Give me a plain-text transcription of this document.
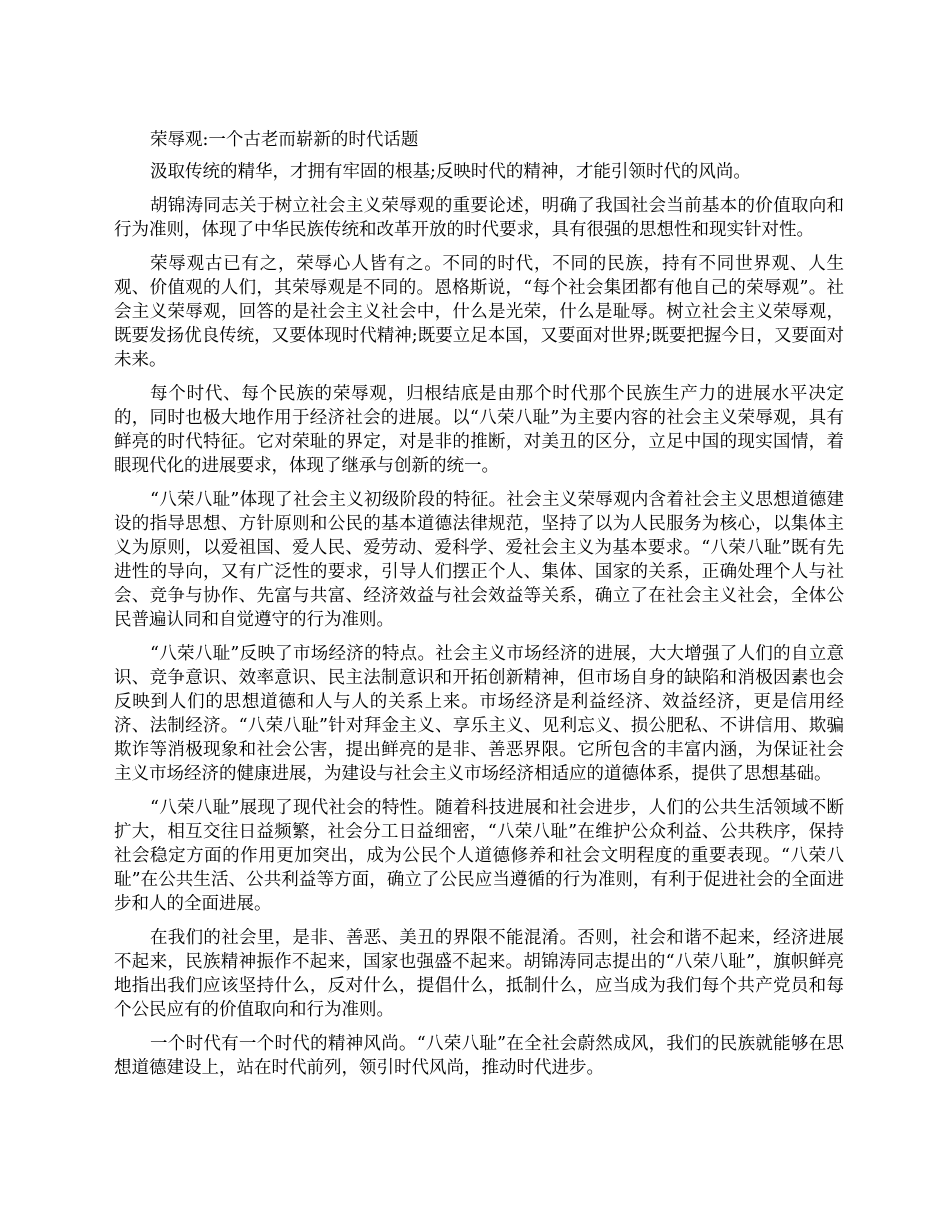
荣辱观:一个古老而崭新的时代话题

汲取传统的精华，才拥有牢固的根基;反映时代的精神，才能引领时代的风尚。

胡锦涛同志关于树立社会主义荣辱观的重要论述，明确了我国社会当前基本的价值取向和行为准则，体现了中华民族传统和改革开放的时代要求，具有很强的思想性和现实针对性。

荣辱观古已有之，荣辱心人皆有之。不同的时代，不同的民族，持有不同世界观、人生观、价值观的人们，其荣辱观是不同的。恩格斯说，“每个社会集团都有他自己的荣辱观”。社会主义荣辱观，回答的是社会主义社会中，什么是光荣，什么是耻辱。树立社会主义荣辱观，既要发扬优良传统，又要体现时代精神;既要立足本国，又要面对世界;既要把握今日，又要面对未来。

每个时代、每个民族的荣辱观，归根结底是由那个时代那个民族生产力的进展水平决定的，同时也极大地作用于经济社会的进展。以“八荣八耻”为主要内容的社会主义荣辱观，具有鲜亮的时代特征。它对荣耻的界定，对是非的推断，对美丑的区分，立足中国的现实国情，着眼现代化的进展要求，体现了继承与创新的统一。

“八荣八耻”体现了社会主义初级阶段的特征。社会主义荣辱观内含着社会主义思想道德建设的指导思想、方针原则和公民的基本道德法律规范，坚持了以为人民服务为核心，以集体主义为原则，以爱祖国、爱人民、爱劳动、爱科学、爱社会主义为基本要求。“八荣八耻”既有先进性的导向，又有广泛性的要求，引导人们摆正个人、集体、国家的关系，正确处理个人与社会、竞争与协作、先富与共富、经济效益与社会效益等关系，确立了在社会主义社会，全体公民普遍认同和自觉遵守的行为准则。

“八荣八耻”反映了市场经济的特点。社会主义市场经济的进展，大大增强了人们的自立意识、竞争意识、效率意识、民主法制意识和开拓创新精神，但市场自身的缺陷和消极因素也会反映到人们的思想道德和人与人的关系上来。市场经济是利益经济、效益经济，更是信用经济、法制经济。“八荣八耻”针对拜金主义、享乐主义、见利忘义、损公肥私、不讲信用、欺骗欺诈等消极现象和社会公害，提出鲜亮的是非、善恶界限。它所包含的丰富内涵，为保证社会主义市场经济的健康进展，为建设与社会主义市场经济相适应的道德体系，提供了思想基础。

“八荣八耻”展现了现代社会的特性。随着科技进展和社会进步，人们的公共生活领域不断扩大，相互交往日益频繁，社会分工日益细密，“八荣八耻”在维护公众利益、公共秩序，保持社会稳定方面的作用更加突出，成为公民个人道德修养和社会文明程度的重要表现。“八荣八耻”在公共生活、公共利益等方面，确立了公民应当遵循的行为准则，有利于促进社会的全面进步和人的全面进展。

在我们的社会里，是非、善恶、美丑的界限不能混淆。否则，社会和谐不起来，经济进展不起来，民族精神振作不起来，国家也强盛不起来。胡锦涛同志提出的“八荣八耻”，旗帜鲜亮地指出我们应该坚持什么，反对什么，提倡什么，抵制什么，应当成为我们每个共产党员和每个公民应有的价值取向和行为准则。

一个时代有一个时代的精神风尚。“八荣八耻”在全社会蔚然成风，我们的民族就能够在思想道德建设上，站在时代前列，领引时代风尚，推动时代进步。
